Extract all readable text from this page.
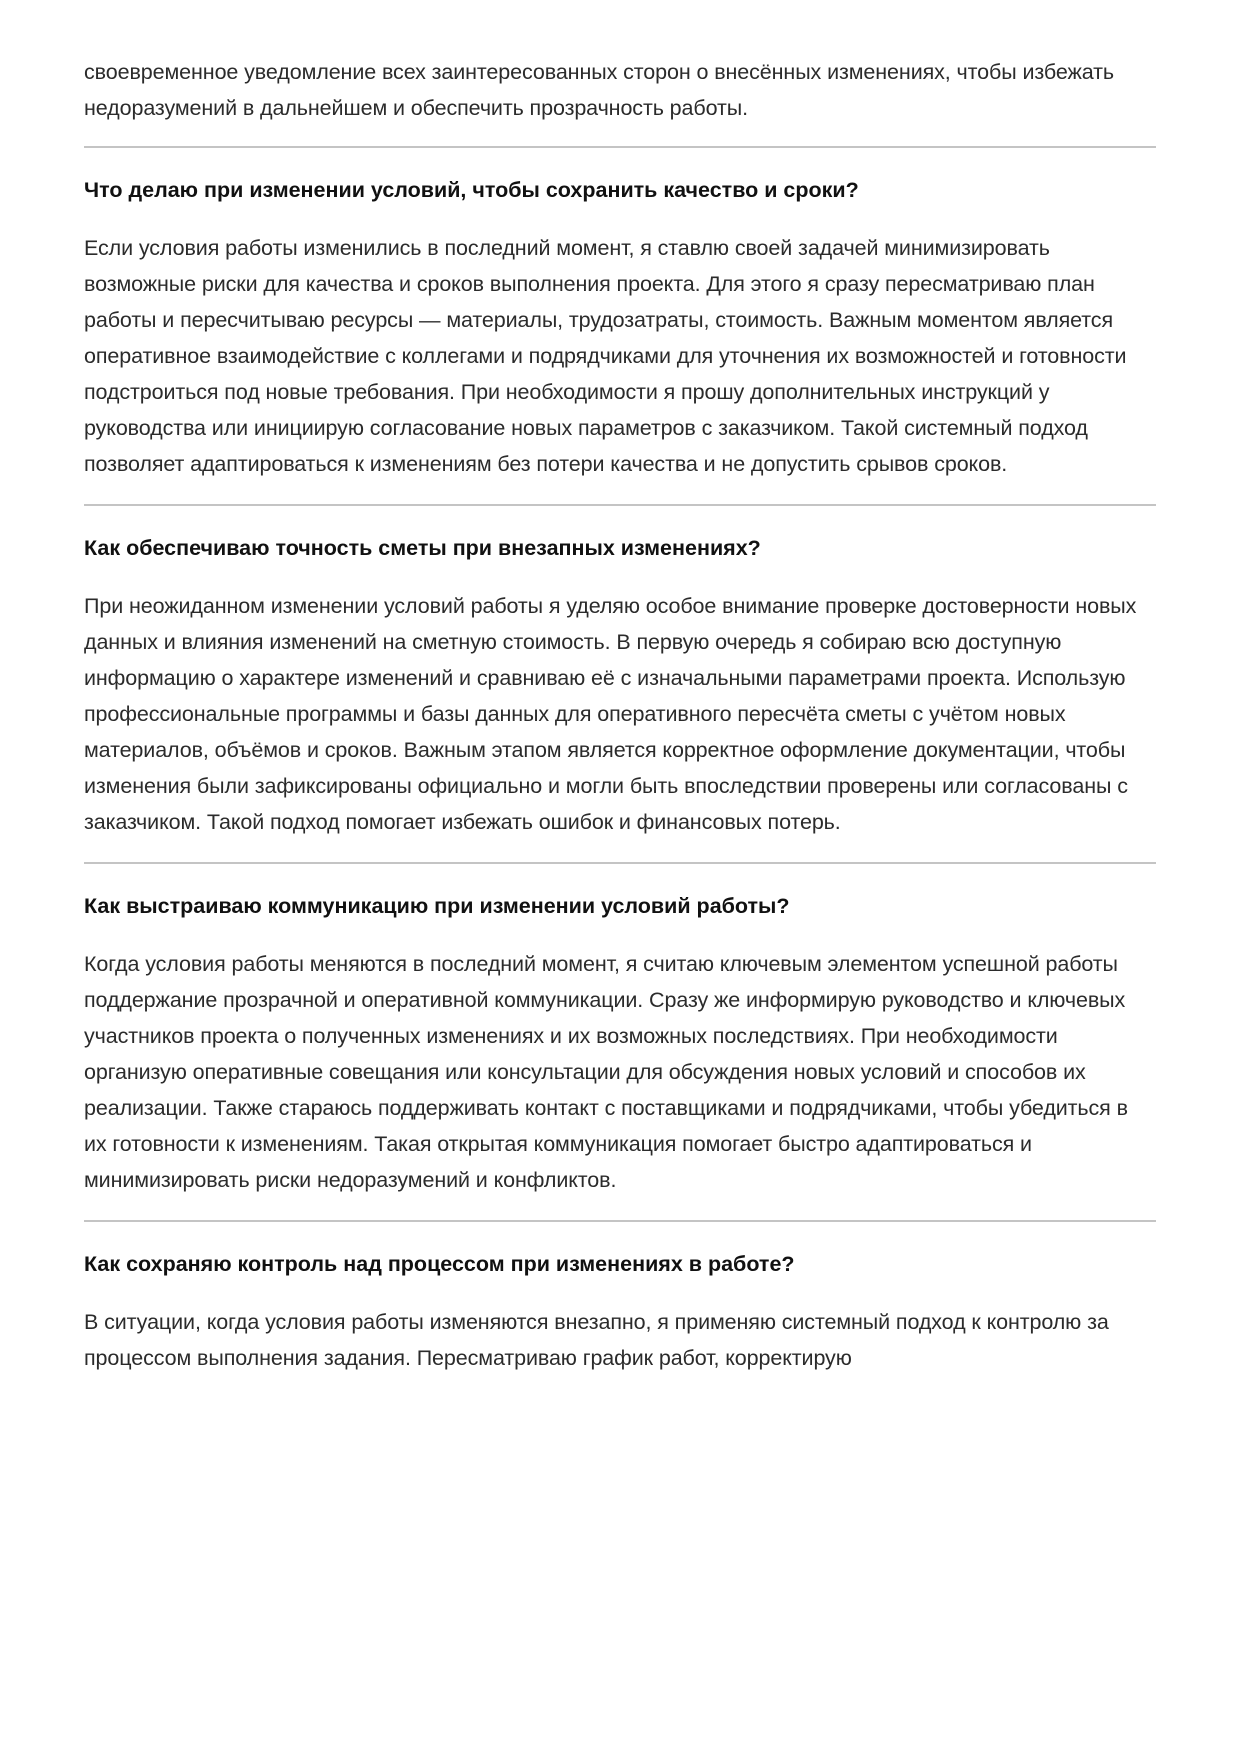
своевременное уведомление всех заинтересованных сторон о внесённых изменениях, чтобы избежать недоразумений в дальнейшем и обеспечить прозрачность работы.

Что делаю при изменении условий, чтобы сохранить качество и сроки?

Если условия работы изменились в последний момент, я ставлю своей задачей минимизировать возможные риски для качества и сроков выполнения проекта. Для этого я сразу пересматриваю план работы и пересчитываю ресурсы — материалы, трудозатраты, стоимость. Важным моментом является оперативное взаимодействие с коллегами и подрядчиками для уточнения их возможностей и готовности подстроиться под новые требования. При необходимости я прошу дополнительных инструкций у руководства или инициирую согласование новых параметров с заказчиком. Такой системный подход позволяет адаптироваться к изменениям без потери качества и не допустить срывов сроков.

Как обеспечиваю точность сметы при внезапных изменениях?

При неожиданном изменении условий работы я уделяю особое внимание проверке достоверности новых данных и влияния изменений на сметную стоимость. В первую очередь я собираю всю доступную информацию о характере изменений и сравниваю её с изначальными параметрами проекта. Использую профессиональные программы и базы данных для оперативного пересчёта сметы с учётом новых материалов, объёмов и сроков. Важным этапом является корректное оформление документации, чтобы изменения были зафиксированы официально и могли быть впоследствии проверены или согласованы с заказчиком. Такой подход помогает избежать ошибок и финансовых потерь.

Как выстраиваю коммуникацию при изменении условий работы?

Когда условия работы меняются в последний момент, я считаю ключевым элементом успешной работы поддержание прозрачной и оперативной коммуникации. Сразу же информирую руководство и ключевых участников проекта о полученных изменениях и их возможных последствиях. При необходимости организую оперативные совещания или консультации для обсуждения новых условий и способов их реализации. Также стараюсь поддерживать контакт с поставщиками и подрядчиками, чтобы убедиться в их готовности к изменениям. Такая открытая коммуникация помогает быстро адаптироваться и минимизировать риски недоразумений и конфликтов.

Как сохраняю контроль над процессом при изменениях в работе?

В ситуации, когда условия работы изменяются внезапно, я применяю системный подход к контролю за процессом выполнения задания. Пересматриваю график работ, корректирую
